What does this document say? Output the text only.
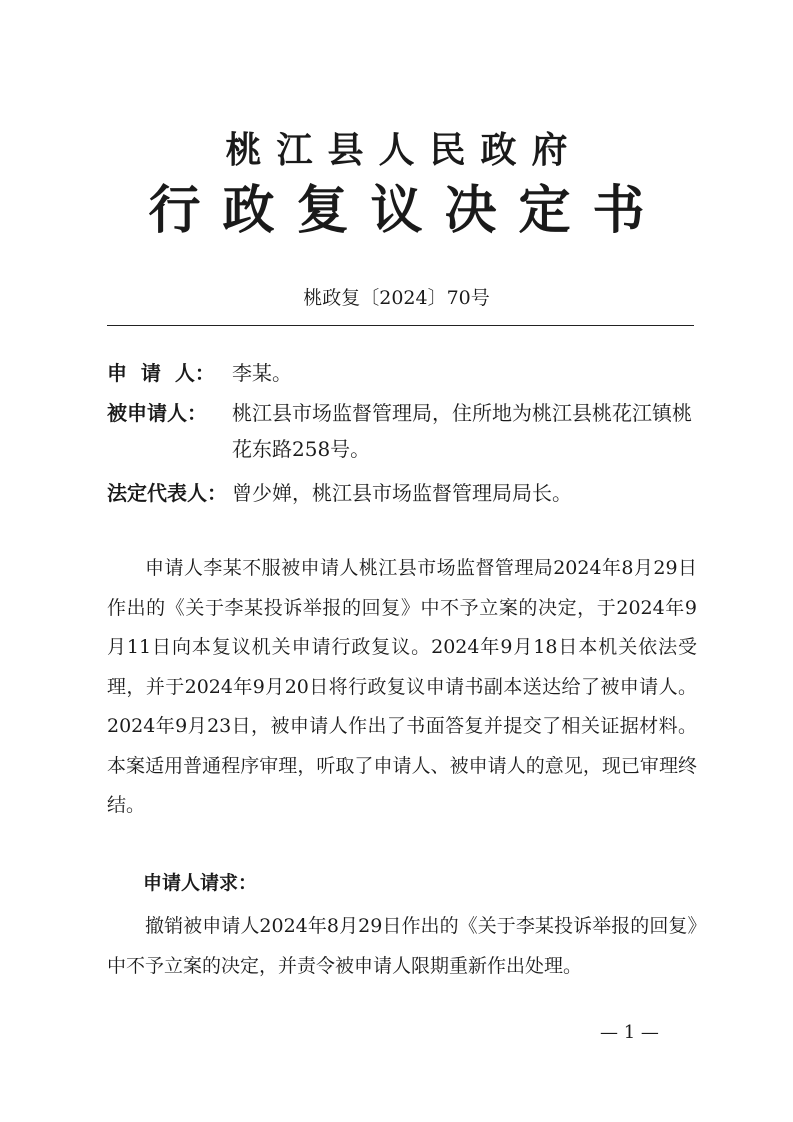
桃江县人民政府
行政复议决定书
桃政复〔2024〕70号
申  请  人： 李某。
被申请人： 桃江县市场监督管理局，住所地为桃江县桃花江镇桃花东路258号。
法定代表人： 曾少婵，桃江县市场监督管理局局长。

申请人李某不服被申请人桃江县市场监督管理局2024年8月29日作出的《关于李某投诉举报的回复》中不予立案的决定，于2024年9月11日向本复议机关申请行政复议。2024年9月18日本机关依法受理，并于2024年9月20日将行政复议申请书副本送达给了被申请人。2024年9月23日，被申请人作出了书面答复并提交了相关证据材料。本案适用普通程序审理，听取了申请人、被申请人的意见，现已审理终结。

申请人请求：

撤销被申请人2024年8月29日作出的《关于李某投诉举报的回复》中不予立案的决定，并责令被申请人限期重新作出处理。

— 1 —
